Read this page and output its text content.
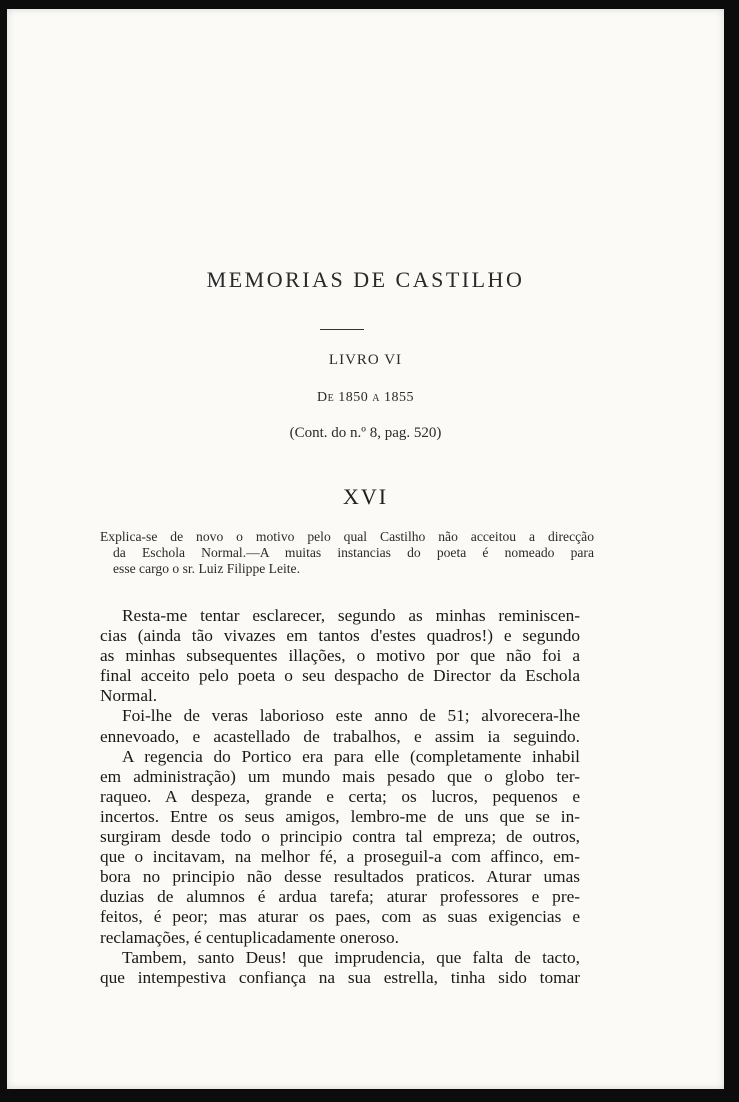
MEMORIAS DE CASTILHO
LIVRO VI
De 1850 a 1855
(Cont. do n.º 8, pag. 520)
XVI
Explica-se de novo o motivo pelo qual Castilho não acceitou a direcção
da Eschola Normal.—A muitas instancias do poeta é nomeado para
esse cargo o sr. Luiz Filippe Leite.
Resta-me tentar esclarecer, segundo as minhas reminiscen-
cias (ainda tão vivazes em tantos d'estes quadros!) e segundo
as minhas subsequentes illações, o motivo por que não foi a
final acceito pelo poeta o seu despacho de Director da Eschola
Normal.
Foi-lhe de veras laborioso este anno de 51; alvorecera-lhe
ennevoado, e acastellado de trabalhos, e assim ia seguindo.
A regencia do Portico era para elle (completamente inhabil
em administração) um mundo mais pesado que o globo ter-
raqueo. A despeza, grande e certa; os lucros, pequenos e
incertos. Entre os seus amigos, lembro-me de uns que se in-
surgiram desde todo o principio contra tal empreza; de outros,
que o incitavam, na melhor fé, a proseguil-a com affinco, em-
bora no principio não desse resultados praticos. Aturar umas
duzias de alumnos é ardua tarefa; aturar professores e pre-
feitos, é peor; mas aturar os paes, com as suas exigencias e
reclamações, é centuplicadamente oneroso.
Tambem, santo Deus! que imprudencia, que falta de tacto,
que intempestiva confiança na sua estrella, tinha sido tomar
